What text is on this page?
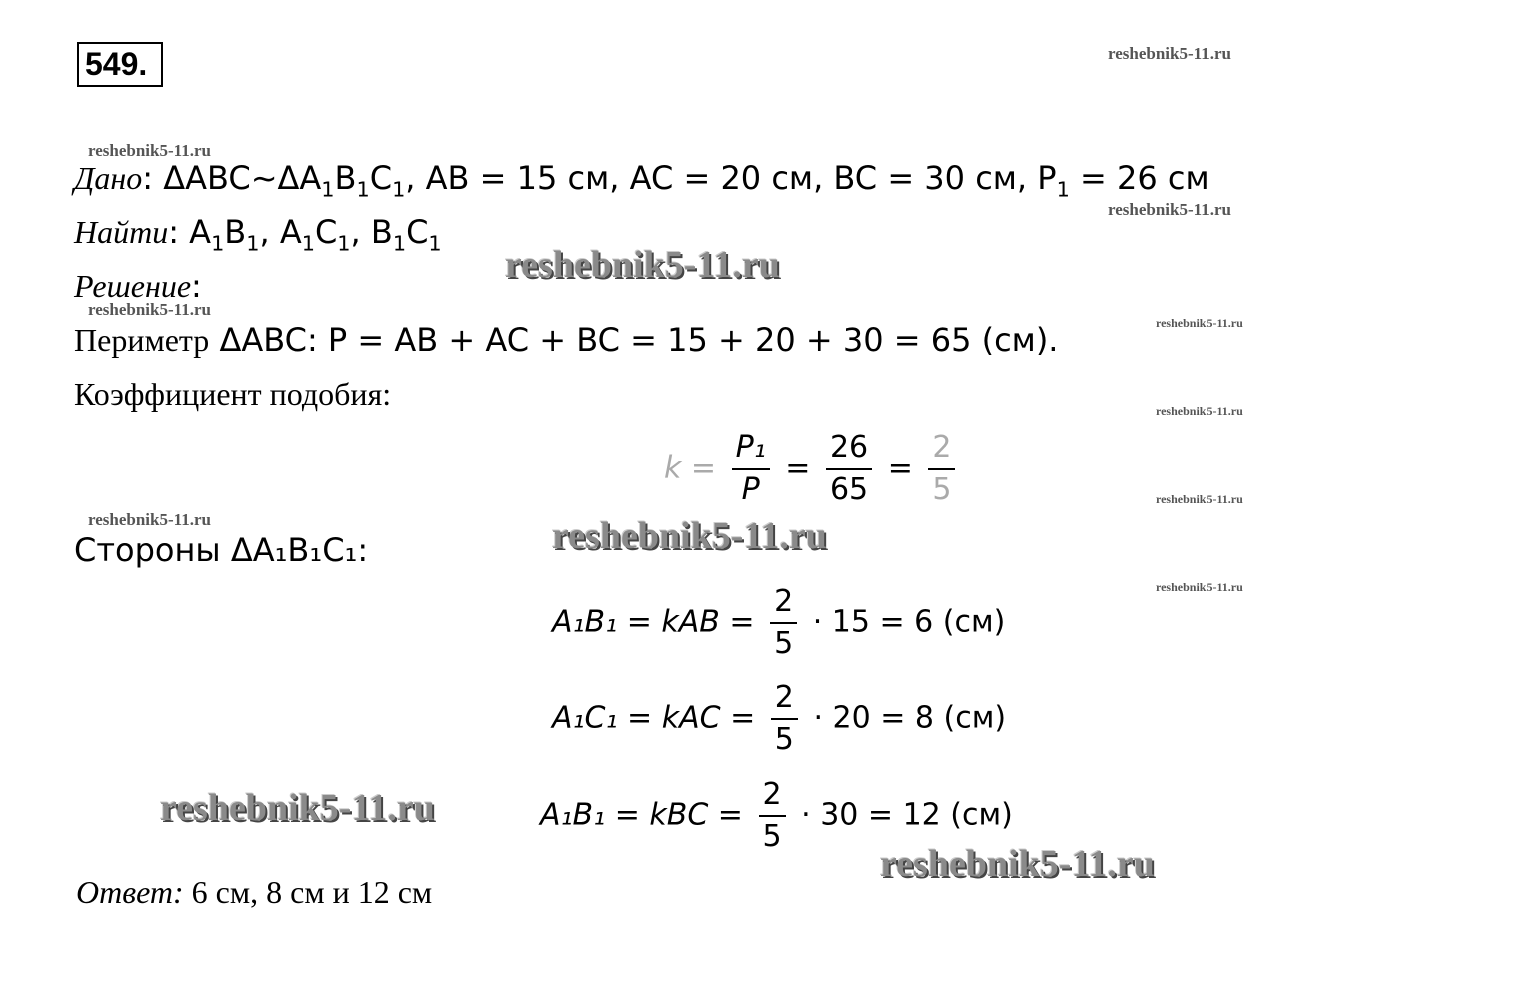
549.	reshebnik5-11.ru
reshebnik5-11.ru
reshebnik5-11.ru
reshebnik5-11.ru
reshebnik5-11.ru
reshebnik5-11.ru
reshebnik5-11.ru
reshebnik5-11.ru
reshebnik5-11.ru
reshebnik5-11.ru
reshebnik5-11.ru
reshebnik5-11.ru
reshebnik5-11.ru
Дано: $\Delta ABC\sim\Delta A_1B_1C_1$, AB = 15 см, AC = 20 см, BC = 30 см, $P_1 = 26$ см
Найти: $A_1B_1$, $A_1C_1$, $B_1C_1$
Решение:
Периметр ΔABC: P = AB + AC + BC = 15 + 20 + 30 = 65 (см).
Коэффициент подобия:
$k = \frac{\text{P₁}}{P} = \frac{26}{65} = \frac{2}{5}$
Стороны ΔA₁B₁C₁:
A₁B₁ = kAB = $\frac{2}{5} \cdot 15 = 6$ (см)
A₁C₁ = kAC = $\frac{2}{5} \cdot 20 = 8$ (см)
A₁B₁ = kBC = $\frac{2}{5} \cdot 30 = 12$ (см)
Ответ: 6 см, 8 см и 12 см
